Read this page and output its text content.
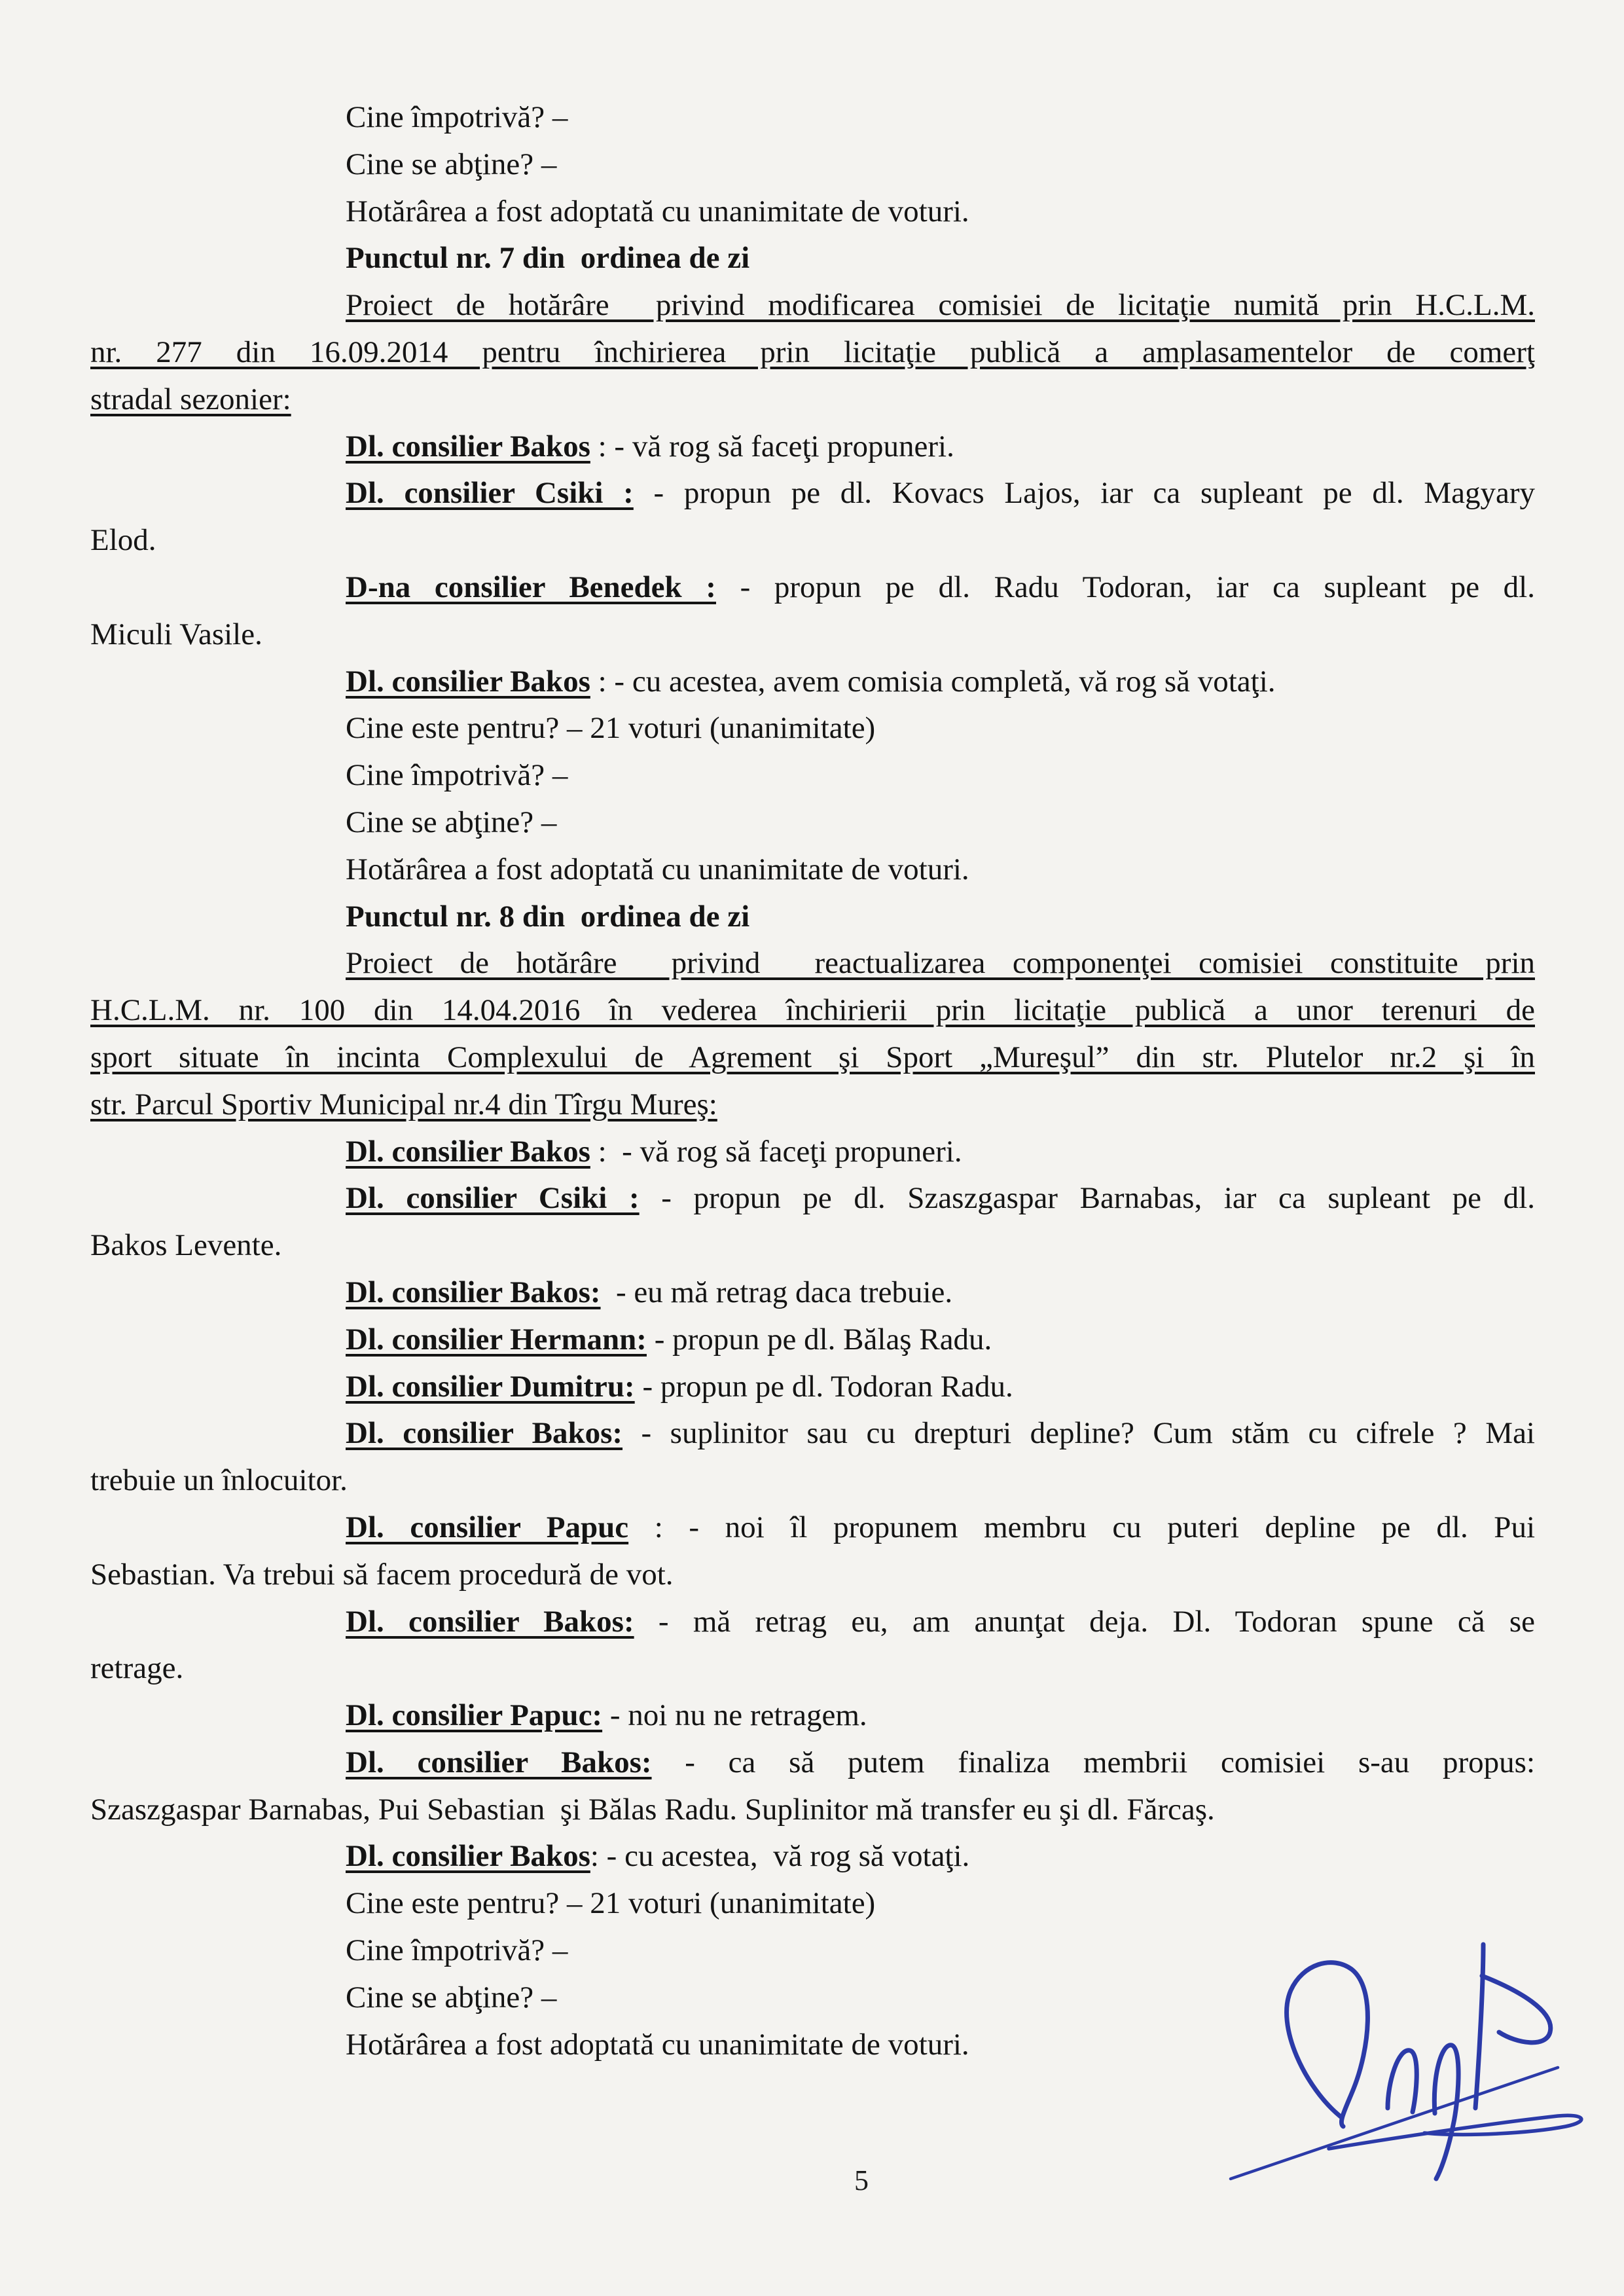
Cine împotrivă? –
Cine se abţine? –
Hotărârea a fost adoptată cu unanimitate de voturi.
Punctul nr. 7 din  ordinea de zi
Proiect de hotărâre  privind modificarea comisiei de licitaţie numită prin H.C.L.M.
nr. 277 din 16.09.2014 pentru închirierea prin licitaţie publică a amplasamentelor de comerţ
stradal sezonier:
Dl. consilier Bakos : - vă rog să faceţi propuneri.
Dl. consilier Csiki : - propun pe dl. Kovacs Lajos, iar ca supleant pe dl. Magyary
Elod.
D-na consilier Benedek : - propun pe dl. Radu Todoran, iar ca supleant pe dl.
Miculi Vasile.
Dl. consilier Bakos : - cu acestea, avem comisia completă, vă rog să votaţi.
Cine este pentru? – 21 voturi (unanimitate)
Cine împotrivă? –
Cine se abţine? –
Hotărârea a fost adoptată cu unanimitate de voturi.
Punctul nr. 8 din  ordinea de zi
Proiect de hotărâre  privind  reactualizarea componenţei comisiei constituite prin
H.C.L.M. nr. 100 din 14.04.2016 în vederea închirierii prin licitaţie publică a unor terenuri de
sport situate în incinta Complexului de Agrement şi Sport „Mureşul” din str. Plutelor nr.2 şi în
str. Parcul Sportiv Municipal nr.4 din Tîrgu Mureş:
Dl. consilier Bakos :  - vă rog să faceţi propuneri.
Dl. consilier Csiki : - propun pe dl. Szaszgaspar Barnabas, iar ca supleant pe dl.
Bakos Levente.
Dl. consilier Bakos:  - eu mă retrag daca trebuie.
Dl. consilier Hermann: - propun pe dl. Bălaş Radu.
Dl. consilier Dumitru: - propun pe dl. Todoran Radu.
Dl. consilier Bakos: - suplinitor sau cu drepturi depline? Cum stăm cu cifrele ? Mai
trebuie un înlocuitor.
Dl. consilier Papuc : - noi îl propunem membru cu puteri depline pe dl. Pui
Sebastian. Va trebui să facem procedură de vot.
Dl. consilier Bakos: - mă retrag eu, am anunţat deja. Dl. Todoran spune că se
retrage.
Dl. consilier Papuc: - noi nu ne retragem.
Dl. consilier Bakos: - ca să putem finaliza membrii comisiei s-au propus:
Szaszgaspar Barnabas, Pui Sebastian  şi Bălas Radu. Suplinitor mă transfer eu şi dl. Fărcaş.
Dl. consilier Bakos: - cu acestea,  vă rog să votaţi.
Cine este pentru? – 21 voturi (unanimitate)
Cine împotrivă? –
Cine se abţine? –
Hotărârea a fost adoptată cu unanimitate de voturi.
5
